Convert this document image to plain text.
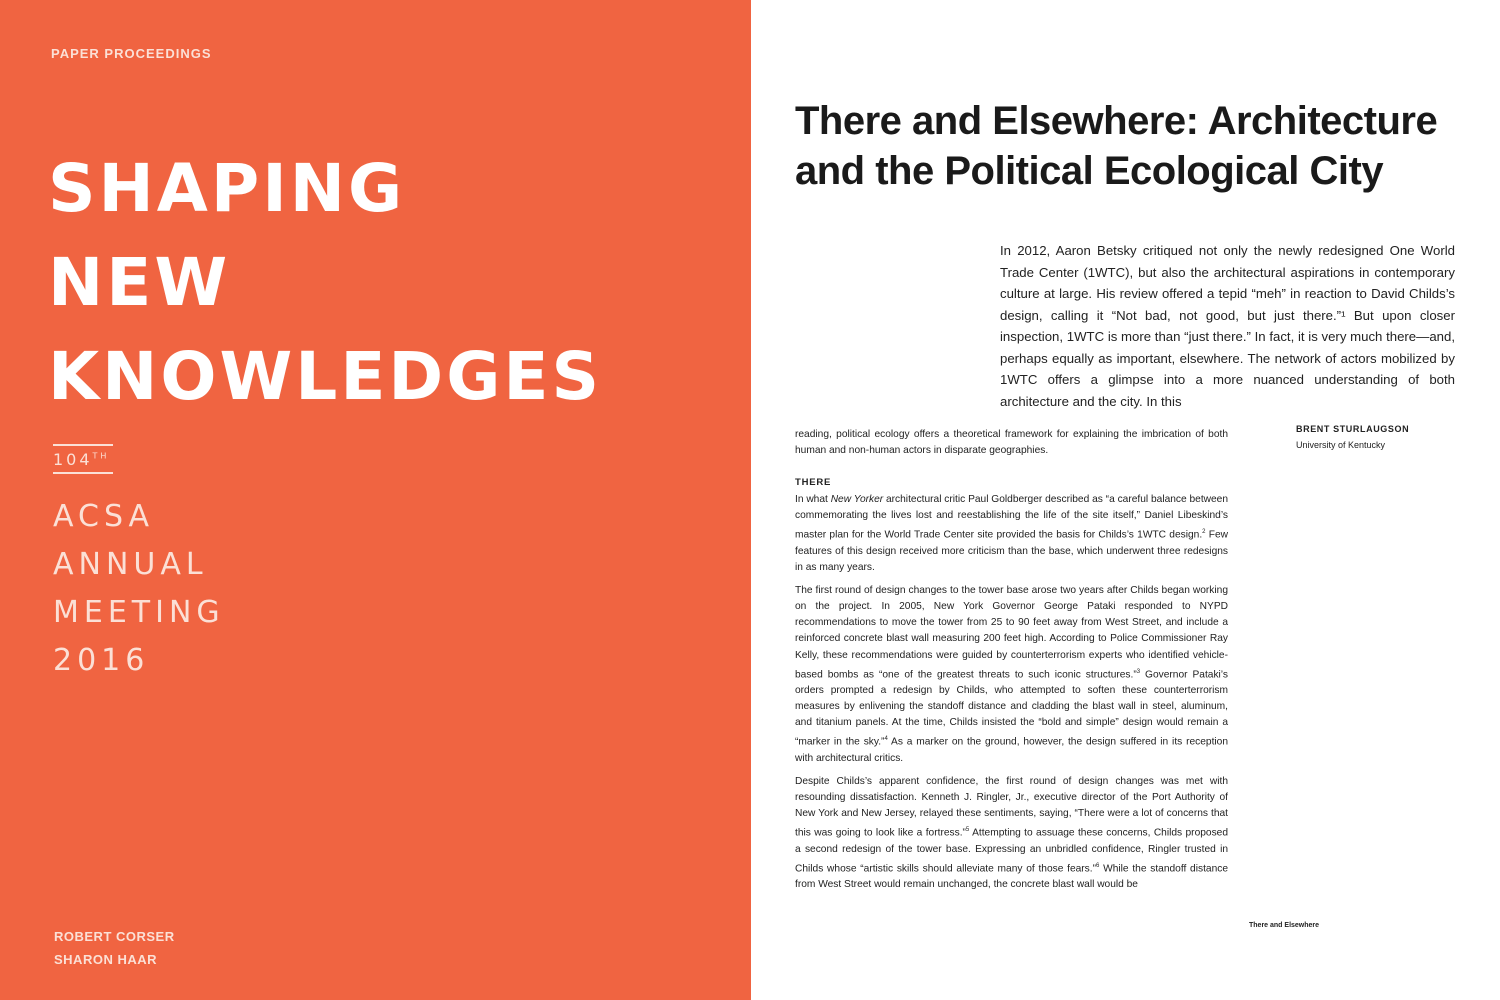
PAPER PROCEEDINGS
SHAPING
NEW
KNOWLEDGES
104TH
ACSA
ANNUAL
MEETING
2016
ROBERT CORSER
SHARON HAAR
There and Elsewhere: Architecture
and the Political Ecological City
In 2012, Aaron Betsky critiqued not only the newly redesigned One World Trade Center (1WTC), but also the architectural aspirations in contemporary culture at large. His review offered a tepid “meh” in reaction to David Childs’s design, calling it “Not bad, not good, but just there.”¹ But upon closer inspection, 1WTC is more than “just there.” In fact, it is very much there—and, perhaps equally as important, elsewhere. The network of actors mobilized by 1WTC offers a glimpse into a more nuanced understanding of both architecture and the city. In this
BRENT STURLAUGSON
University of Kentucky

reading, political ecology offers a theoretical framework for explaining the imbrication of both human and non-human actors in disparate geographies.

THERE

In what New Yorker architectural critic Paul Goldberger described as “a careful balance between commemorating the lives lost and reestablishing the life of the site itself,” Daniel Libeskind’s master plan for the World Trade Center site provided the basis for Childs’s 1WTC design.$^2$ Few features of this design received more criticism than the base, which underwent three redesigns in as many years.

The first round of design changes to the tower base arose two years after Childs began working on the project. In 2005, New York Governor George Pataki responded to NYPD recommendations to move the tower from 25 to 90 feet away from West Street, and include a reinforced concrete blast wall measuring 200 feet high. According to Police Commissioner Ray Kelly, these recommendations were guided by counterterrorism experts who identified vehicle-based bombs as “one of the greatest threats to such iconic structures.”$^3$ Governor Pataki’s orders prompted a redesign by Childs, who attempted to soften these counterterrorism measures by enlivening the standoff distance and cladding the blast wall in steel, aluminum, and titanium panels. At the time, Childs insisted the “bold and simple” design would remain a “marker in the sky.”$^4$ As a marker on the ground, however, the design suffered in its reception with architectural critics.

Despite Childs’s apparent confidence, the first round of design changes was met with resounding dissatisfaction. Kenneth J. Ringler, Jr., executive director of the Port Authority of New York and New Jersey, relayed these sentiments, saying, “There were a lot of concerns that this was going to look like a fortress.”$^5$ Attempting to assuage these concerns, Childs proposed a second redesign of the tower base. Expressing an unbridled confidence, Ringler trusted in Childs whose “artistic skills should alleviate many of those fears.”$^6$ While the standoff distance from West Street would remain unchanged, the concrete blast wall would be

There and Elsewhere
